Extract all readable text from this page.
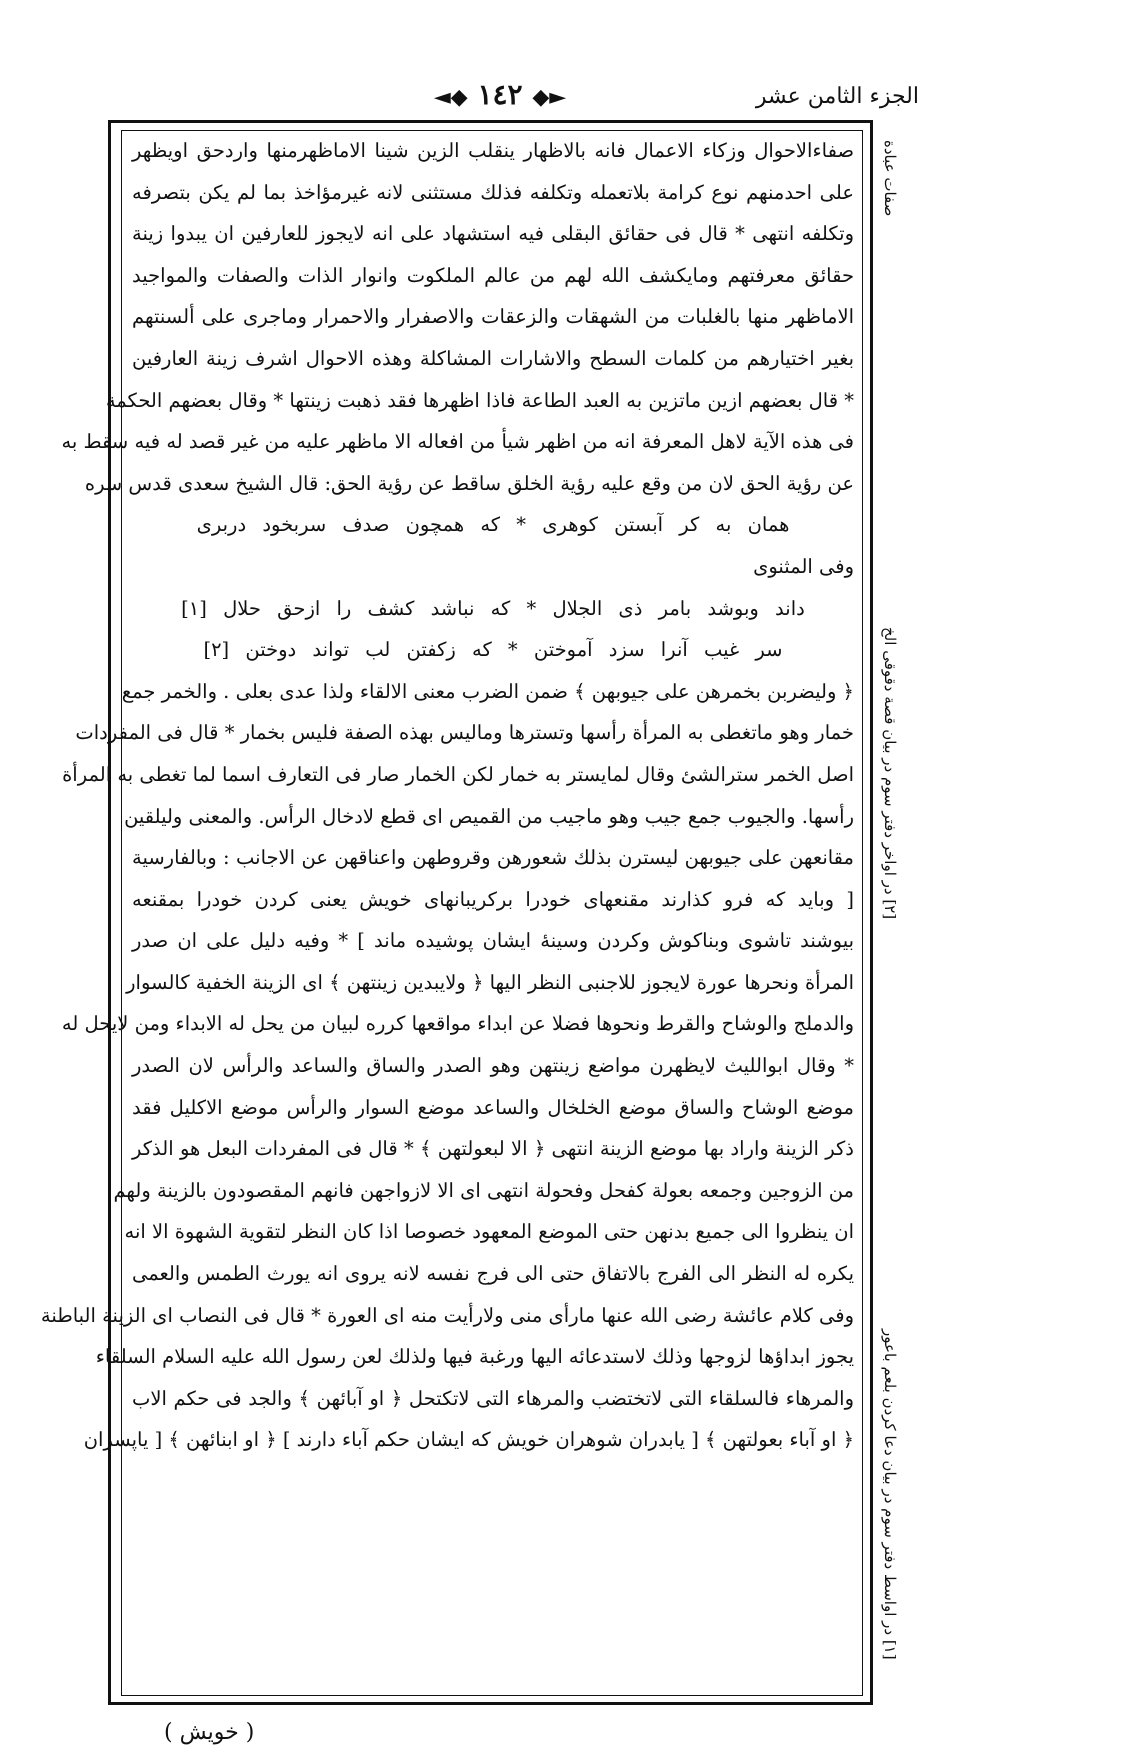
الجزء الثامن عشر
◄◆ ١٤٢ ◆►
صفاءالاحوال وزكاء الاعمال فانه بالاظهار ينقلب الزين شينا الاماظهرمنها واردحق اويظهر
على احدمنهم نوع كرامة بلاتعمله وتكلفه فذلك مستثنى لانه غيرمؤاخذ بما لم يكن بتصرفه
وتكلفه انتهى * قال فى حقائق البقلى فيه استشهاد على انه لايجوز للعارفين ان يبدوا زينة
حقائق معرفتهم ومايكشف الله لهم من عالم الملكوت وانوار الذات والصفات والمواجيد
الاماظهر منها بالغلبات من الشهقات والزعقات والاصفرار والاحمرار وماجرى على ألسنتهم
بغير اختيارهم من كلمات السطح والاشارات المشاكلة وهذه الاحوال اشرف زينة العارفين
* قال بعضهم ازين ماتزين به العبد الطاعة فاذا اظهرها فقد ذهبت زينتها * وقال بعضهم الحكمة
فى هذه الآية لاهل المعرفة انه من اظهر شيأ من افعاله الا ماظهر عليه من غير قصد له فيه سقط به
عن رؤية الحق لان من وقع عليه رؤية الخلق ساقط عن رؤية الحق: قال الشيخ سعدى قدس سره
همان به كر آبستن كوهرى * كه همچون صدف سربخود دربرى
وفى المثنوى
داند وبوشد بامر ذى الجلال * كه نباشد كشف را ازحق حلال [١]
سر غيب آنرا سزد آموختن * كه زكفتن لب تواند دوختن [٢]
﴿ وليضربن بخمرهن على جيوبهن ﴾ ضمن الضرب معنى الالقاء ولذا عدى بعلى . والخمر جمع
خمار وهو ماتغطى به المرأة رأسها وتسترها ومالیس بهذه الصفة فليس بخمار * قال فى المفردات
اصل الخمر سترالشئ وقال لمايستر به خمار لكن الخمار صار فى التعارف اسما لما تغطى به المرأة
رأسها. والجيوب جمع جيب وهو ماجيب من القميص اى قطع لادخال الرأس. والمعنى وليلقين
مقانعهن على جيوبهن ليسترن بذلك شعورهن وقروطهن واعناقهن عن الاجانب : وبالفارسية
[ وبايد كه فرو كذارند مقنعهاى خودرا بركريبانهاى خويش يعنى كردن خودرا بمقنعه
بيوشند تاشوى وبناكوش وكردن وسينهٔ ايشان پوشيده ماند ] * وفيه دليل على ان صدر
المرأة ونحرها عورة لايجوز للاجنبى النظر اليها ﴿ ولايبدين زينتهن ﴾ اى الزينة الخفية كالسوار
والدملج والوشاح والقرط ونحوها فضلا عن ابداء مواقعها كرره لبيان من يحل له الابداء ومن لايحل له
* وقال ابوالليث لايظهرن مواضع زينتهن وهو الصدر والساق والساعد والرأس لان الصدر
موضع الوشاح والساق موضع الخلخال والساعد موضع السوار والرأس موضع الاكليل فقد
ذكر الزينة واراد بها موضع الزينة انتهى ﴿ الا لبعولتهن ﴾ * قال فى المفردات البعل هو الذكر
من الزوجين وجمعه بعولة كفحل وفحولة انتهى اى الا لازواجهن فانهم المقصودون بالزينة ولهم
ان ينظروا الى جميع بدنهن حتى الموضع المعهود خصوصا اذا كان النظر لتقوية الشهوة الا انه
يكره له النظر الى الفرج بالاتفاق حتى الى فرج نفسه لانه يروى انه يورث الطمس والعمى
وفى كلام عائشة رضى الله عنها مارأى منى ولارأيت منه اى العورة * قال فى النصاب اى الزينة الباطنة
يجوز ابداؤها لزوجها وذلك لاستدعائه اليها ورغبة فيها ولذلك لعن رسول الله عليه السلام السلقاء
والمرهاء فالسلقاء التى لاتختضب والمرهاء التى لاتكتحل ﴿ او آبائهن ﴾ والجد فى حكم الاب
﴿ او آباء بعولتهن ﴾ [ يابدران شوهران خويش كه ايشان حكم آباء دارند ] ﴿ او ابنائهن ﴾ [ ياپسران
صفات عبادة
[٢] در اواخر دفتر سوم در بيان قصة دقوقى الخ
[١] در اواسط دفتر سوم در بيان دعا كردن بلعم باعور
( خويش )
